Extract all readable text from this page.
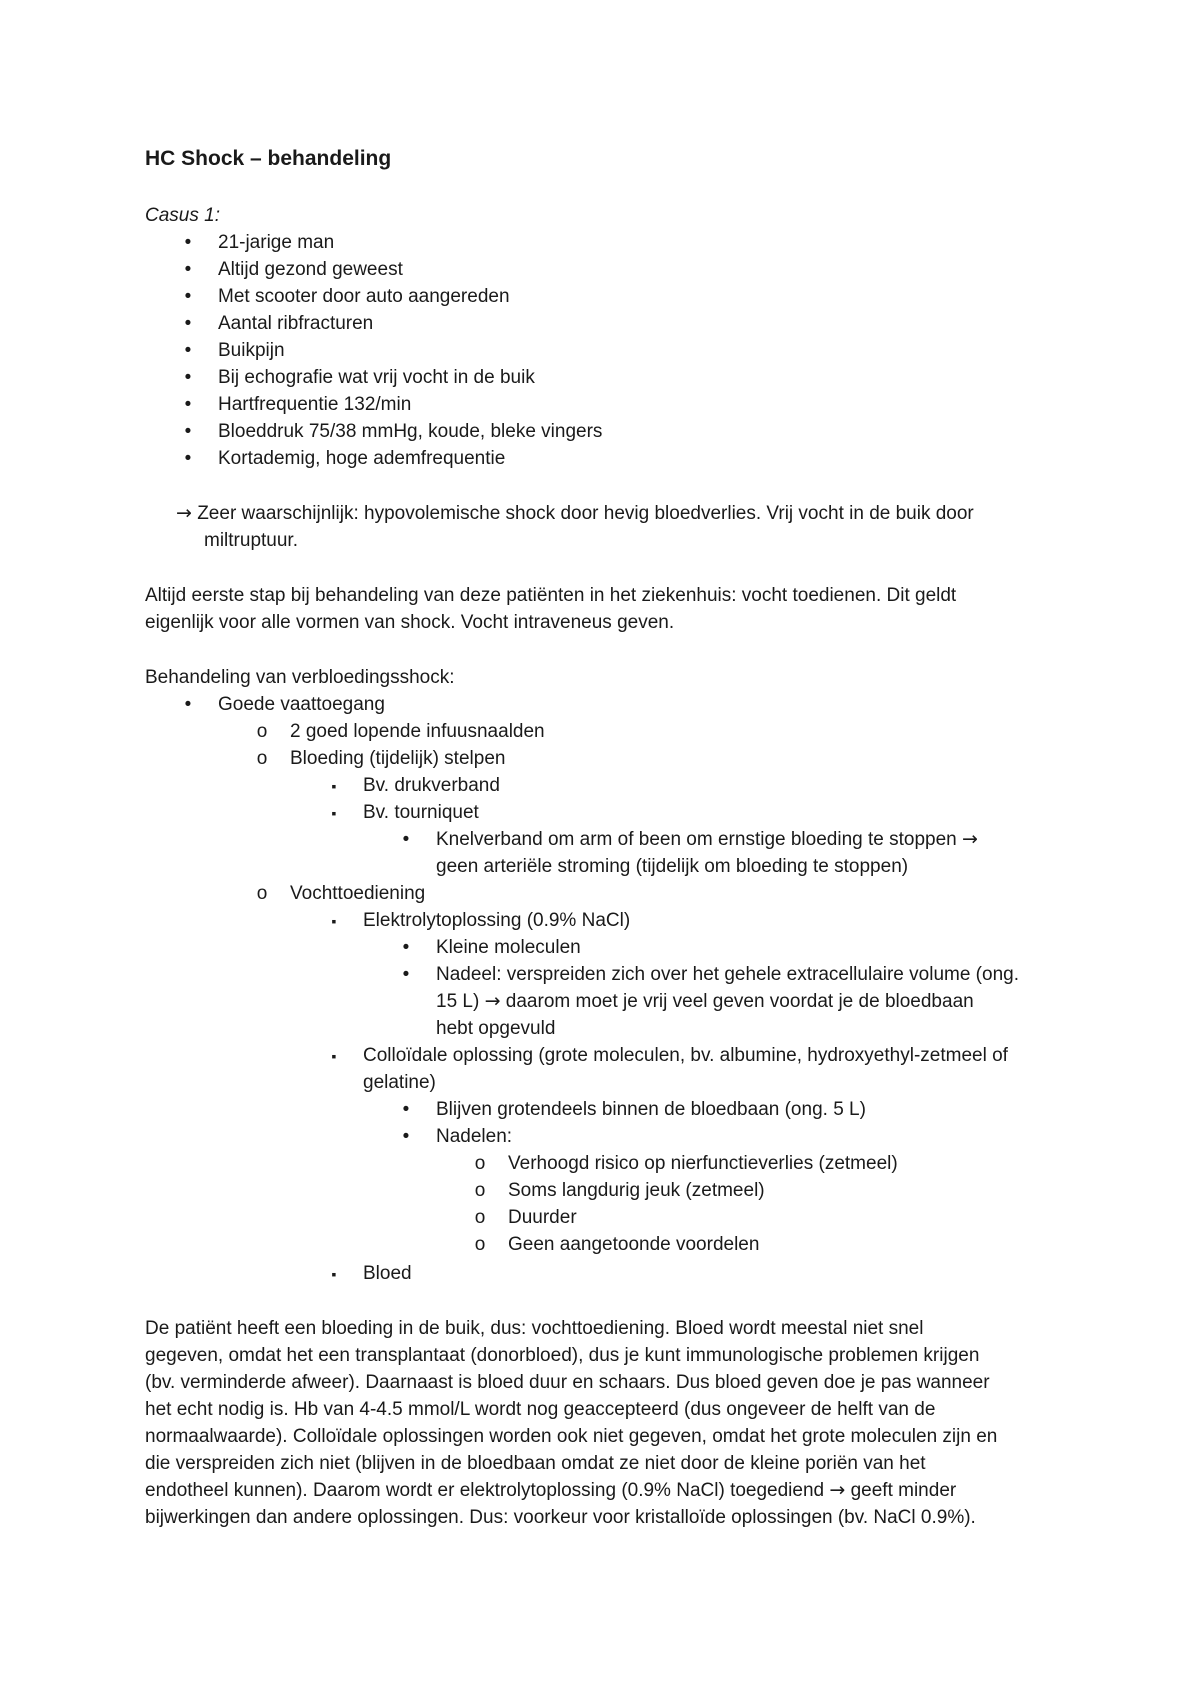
HC Shock – behandeling
Casus 1:
•
21-jarige man
•
Altijd gezond geweest
•
Met scooter door auto aangereden
•
Aantal ribfracturen
•
Buikpijn
•
Bij echografie wat vrij vocht in de buik
•
Hartfrequentie 132/min
•
Bloeddruk 75/38 mmHg, koude, bleke vingers
•
Kortademig, hoge ademfrequentie
→ Zeer waarschijnlijk: hypovolemische shock door hevig bloedverlies. Vrij vocht in de buik door
miltruptuur.
Altijd eerste stap bij behandeling van deze patiënten in het ziekenhuis: vocht toedienen. Dit geldt
eigenlijk voor alle vormen van shock. Vocht intraveneus geven.
Behandeling van verbloedingsshock:
•
Goede vaattoegang
o
2 goed lopende infuusnaalden
o
Bloeding (tijdelijk) stelpen
▪
Bv. drukverband
▪
Bv. tourniquet
•
Knelverband om arm of been om ernstige bloeding te stoppen →
geen arteriële stroming (tijdelijk om bloeding te stoppen)
o
Vochttoediening
▪
Elektrolytoplossing (0.9% NaCl)
•
Kleine moleculen
•
Nadeel: verspreiden zich over het gehele extracellulaire volume (ong.
15 L) → daarom moet je vrij veel geven voordat je de bloedbaan
hebt opgevuld
▪
Colloïdale oplossing (grote moleculen, bv. albumine, hydroxyethyl-zetmeel of
gelatine)
•
Blijven grotendeels binnen de bloedbaan (ong. 5 L)
•
Nadelen:
o
Verhoogd risico op nierfunctieverlies (zetmeel)
o
Soms langdurig jeuk (zetmeel)
o
Duurder
o
Geen aangetoonde voordelen
▪
Bloed
De patiënt heeft een bloeding in de buik, dus: vochttoediening. Bloed wordt meestal niet snel
gegeven, omdat het een transplantaat (donorbloed), dus je kunt immunologische problemen krijgen
(bv. verminderde afweer). Daarnaast is bloed duur en schaars. Dus bloed geven doe je pas wanneer
het echt nodig is. Hb van 4-4.5 mmol/L wordt nog geaccepteerd (dus ongeveer de helft van de
normaalwaarde). Colloïdale oplossingen worden ook niet gegeven, omdat het grote moleculen zijn en
die verspreiden zich niet (blijven in de bloedbaan omdat ze niet door de kleine poriën van het
endotheel kunnen). Daarom wordt er elektrolytoplossing (0.9% NaCl) toegediend → geeft minder
bijwerkingen dan andere oplossingen. Dus: voorkeur voor kristalloïde oplossingen (bv. NaCl 0.9%).
